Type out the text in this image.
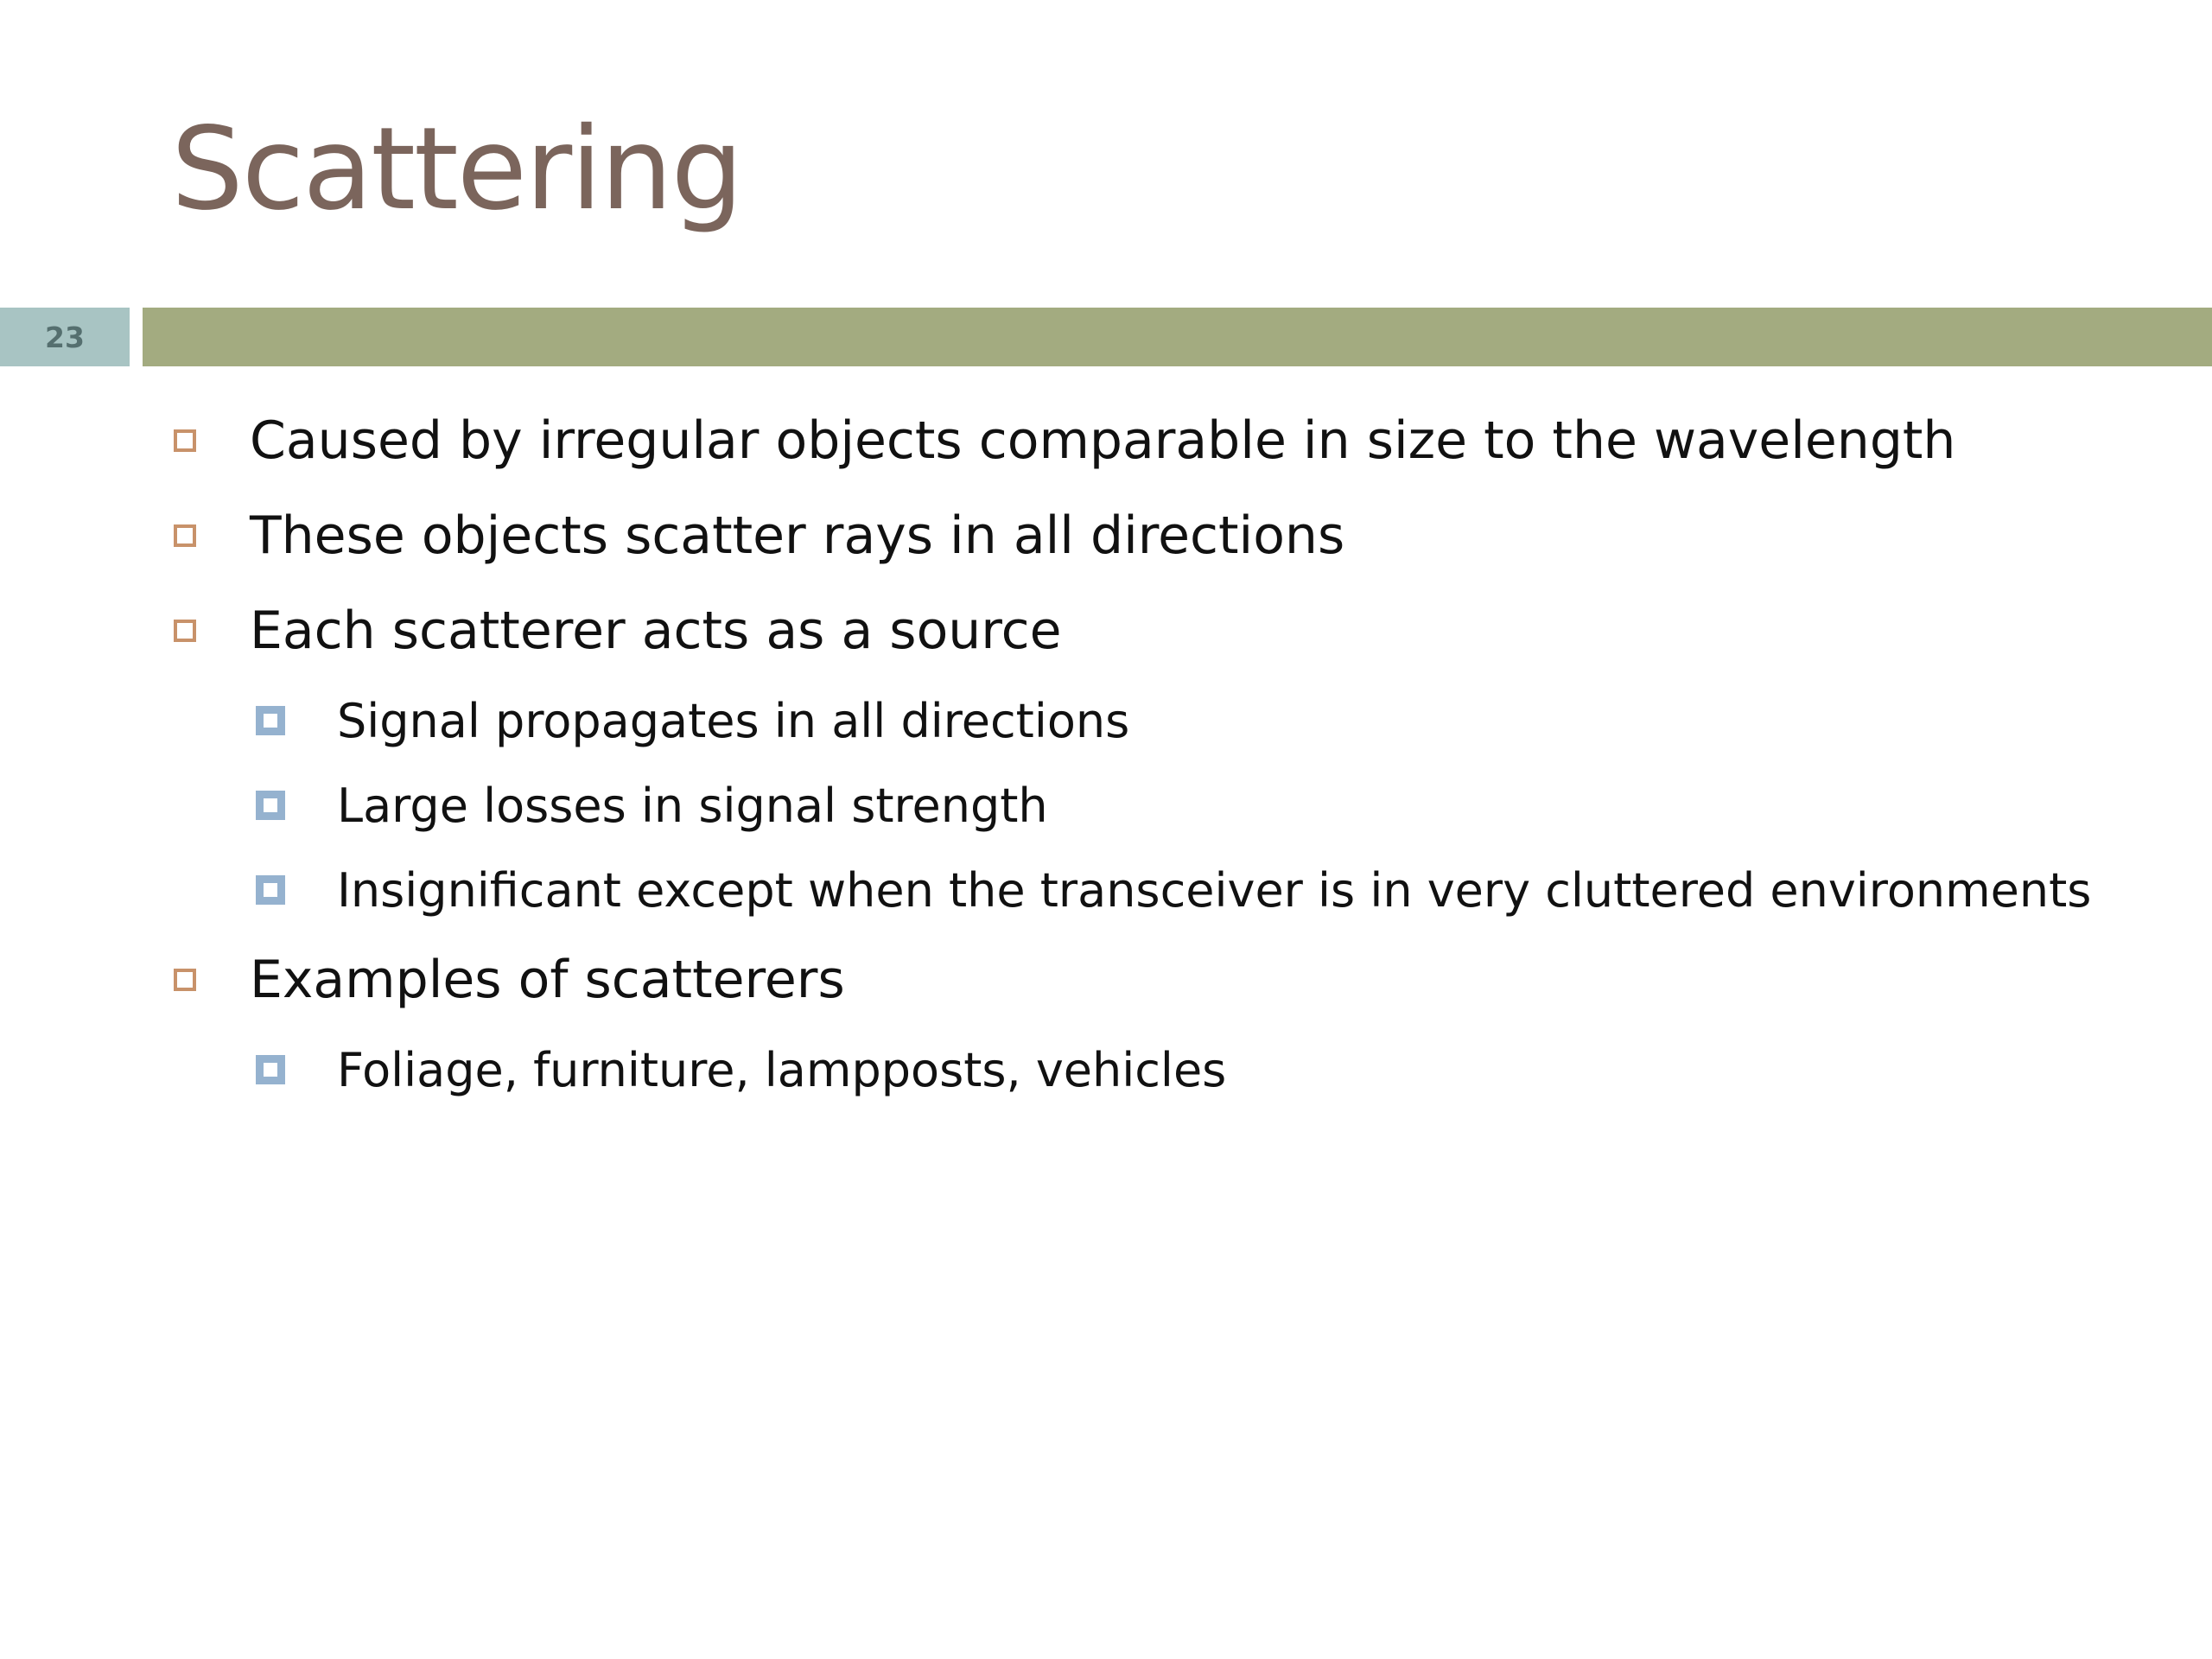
Scattering
23
Caused by irregular objects comparable in size to the wavelength
These objects scatter rays in all directions
Each scatterer acts as a source
Signal propagates in all directions
Large losses in signal strength
Insignificant except when the transceiver is in very cluttered environments
Examples of scatterers
Foliage, furniture, lampposts, vehicles
